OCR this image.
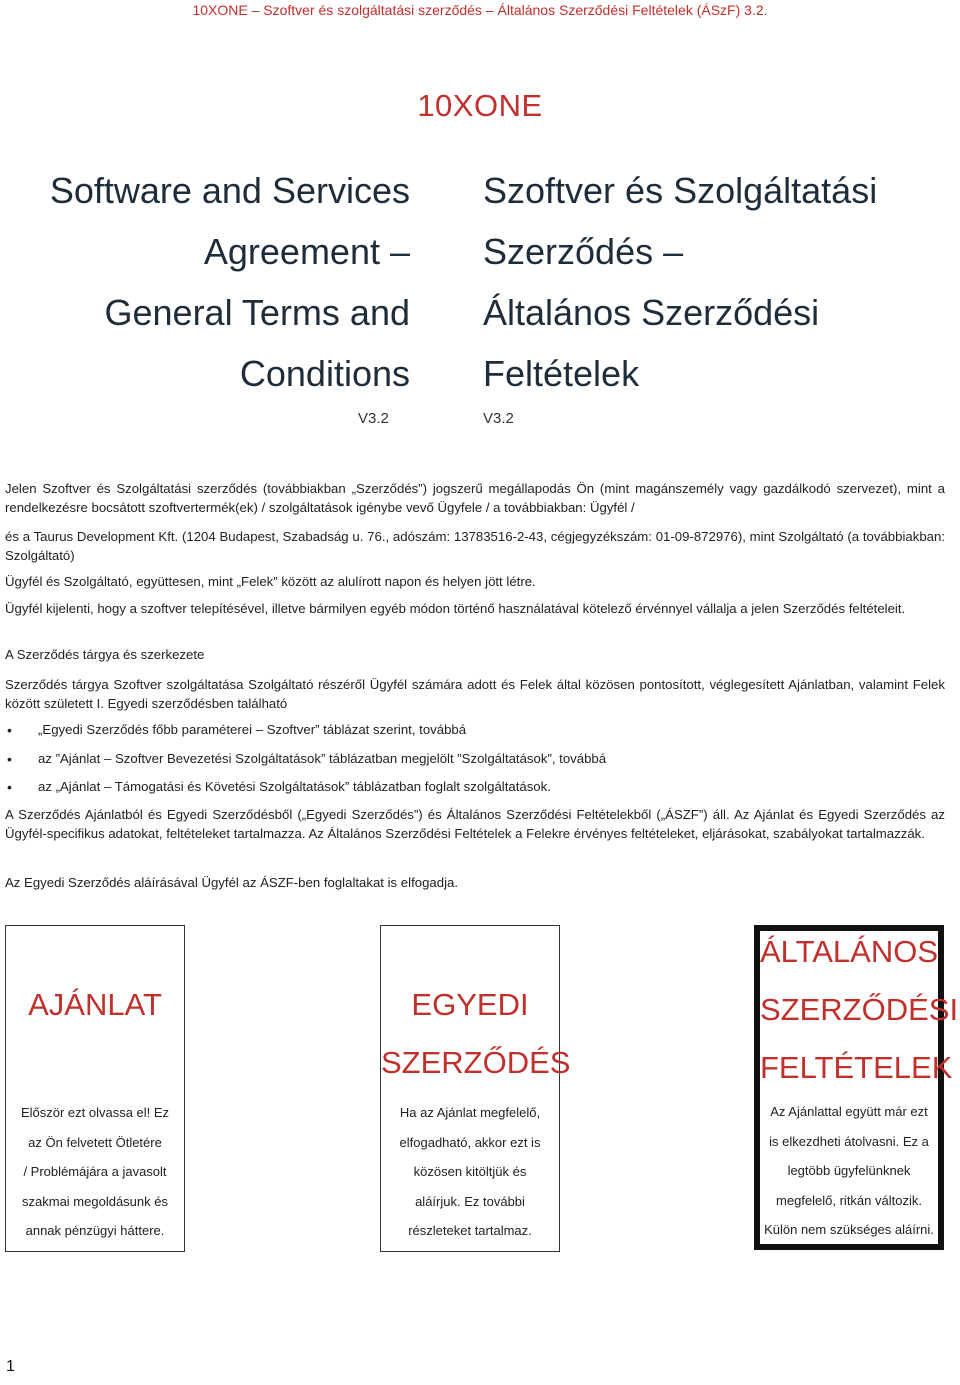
10XONE – Szoftver és szolgáltatási szerződés – Általános Szerződési Feltételek (ÁSzF) 3.2.
10XONE
Software and Services
Agreement –
General Terms and
Conditions
Szoftver és Szolgáltatási
Szerződés –
Általános Szerződési
Feltételek
V3.2	V3.2
Jelen Szoftver és Szolgáltatási szerződés (továbbiakban „Szerződés”) jogszerű megállapodás Ön (mint magánszemély vagy gazdálkodó szervezet), mint a rendelkezésre bocsátott szoftvertermék(ek) / szolgáltatások igénybe vevő Ügyfele / a továbbiakban: Ügyfél /
és a Taurus Development Kft. (1204 Budapest, Szabadság u. 76., adószám: 13783516-2-43, cégjegyzékszám: 01-09-872976), mint Szolgáltató (a továbbiakban: Szolgáltató)
Ügyfél és Szolgáltató, együttesen, mint „Felek” között az alulírott napon és helyen jött létre.
Ügyfél kijelenti, hogy a szoftver telepítésével, illetve bármilyen egyéb módon történő használatával kötelező érvénnyel vállalja a jelen Szerződés feltételeit.
A Szerződés tárgya és szerkezete
Szerződés tárgya Szoftver szolgáltatása Szolgáltató részéről Ügyfél számára adott és Felek által közösen pontosított, véglegesített Ajánlatban, valamint Felek között született I. Egyedi szerződésben található
• „Egyedi Szerződés főbb paraméterei – Szoftver” táblázat szerint, továbbá
• az ”Ajánlat – Szoftver Bevezetési Szolgáltatások” táblázatban megjelölt ”Szolgáltatások”, továbbá
• az „Ajánlat – Támogatási és Követési Szolgáltatások” táblázatban foglalt szolgáltatások.
A Szerződés Ajánlatból és Egyedi Szerződésből („Egyedi Szerződés”) és Általános Szerződési Feltételekből („ÁSZF”) áll. Az Ajánlat és Egyedi Szerződés az Ügyfél-specifikus adatokat, feltételeket tartalmazza. Az Általános Szerződési Feltételek a Felekre érvényes feltételeket, eljárásokat, szabályokat tartalmazzák.
Az Egyedi Szerződés aláírásával Ügyfél az ÁSZF-ben foglaltakat is elfogadja.
AJÁNLAT
Először ezt olvassa el! Ez
az Ön felvetett Ötletére
/ Problémájára a javasolt
szakmai megoldásunk és
annak pénzügyi háttere.
EGYEDI
SZERZŐDÉS
Ha az Ajánlat megfelelő,
elfogadható, akkor ezt is
közösen kitöltjük és
aláírjuk. Ez további
részleteket tartalmaz.
ÁLTALÁNOS
SZERZŐDÉSI
FELTÉTELEK
Az Ajánlattal együtt már ezt
is elkezdheti átolvasni. Ez a
legtöbb ügyfelünknek
megfelelő, ritkán változik.
Külön nem szükséges aláírni.
1
